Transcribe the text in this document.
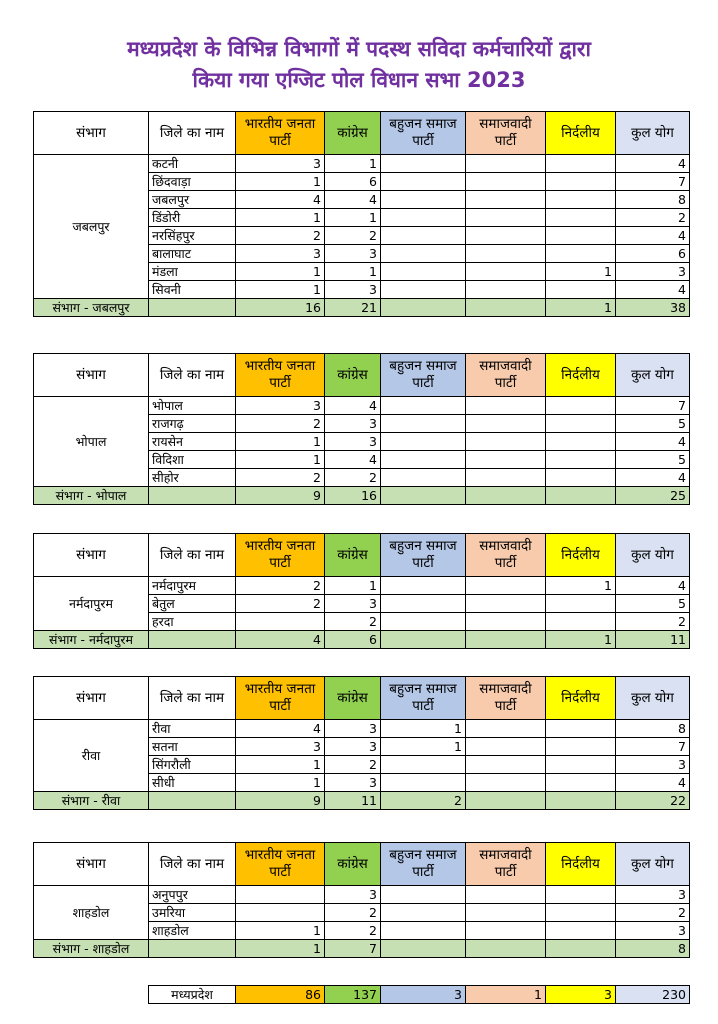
मध्यप्रदेश के विभिन्न विभागों में पदस्थ सविदा कर्मचारियों द्वारा
किया गया एग्जिट पोल विधान सभा 2023
संभाग	जिले का नाम	भारतीय जनता पार्टी	कांग्रेस	बहुजन समाज पार्टी	समाजवादी पार्टी	निर्दलीय	कुल योग
जबलपुर	कटनी	3	1				4
	छिंदवाड़ा	1	6				7
	जबलपुर	4	4				8
	डिंडोरी	1	1				2
	नरसिंहपुर	2	2				4
	बालाघाट	3	3				6
	मंडला	1	1			1	3
	सिवनी	1	3				4
संभाग - जबलपुर		16	21			1	38
संभाग	जिले का नाम	भारतीय जनता पार्टी	कांग्रेस	बहुजन समाज पार्टी	समाजवादी पार्टी	निर्दलीय	कुल योग
भोपाल	भोपाल	3	4				7
	राजगढ़	2	3				5
	रायसेन	1	3				4
	विदिशा	1	4				5
	सीहोर	2	2				4
संभाग - भोपाल		9	16				25
संभाग	जिले का नाम	भारतीय जनता पार्टी	कांग्रेस	बहुजन समाज पार्टी	समाजवादी पार्टी	निर्दलीय	कुल योग
नर्मदापुरम	नर्मदापुरम	2	1			1	4
	बेतुल	2	3				5
	हरदा		2				2
संभाग - नर्मदापुरम		4	6			1	11
संभाग	जिले का नाम	भारतीय जनता पार्टी	कांग्रेस	बहुजन समाज पार्टी	समाजवादी पार्टी	निर्दलीय	कुल योग
रीवा	रीवा	4	3	1			8
	सतना	3	3	1			7
	सिंगरौली	1	2				3
	सीधी	1	3				4
संभाग - रीवा		9	11	2			22
संभाग	जिले का नाम	भारतीय जनता पार्टी	कांग्रेस	बहुजन समाज पार्टी	समाजवादी पार्टी	निर्दलीय	कुल योग
शाहडोल	अनुपपुर		3				3
	उमरिया		2				2
	शाहडोल	1	2				3
संभाग - शाहडोल		1	7				8
मध्यप्रदेश	86	137	3	1	3	230
